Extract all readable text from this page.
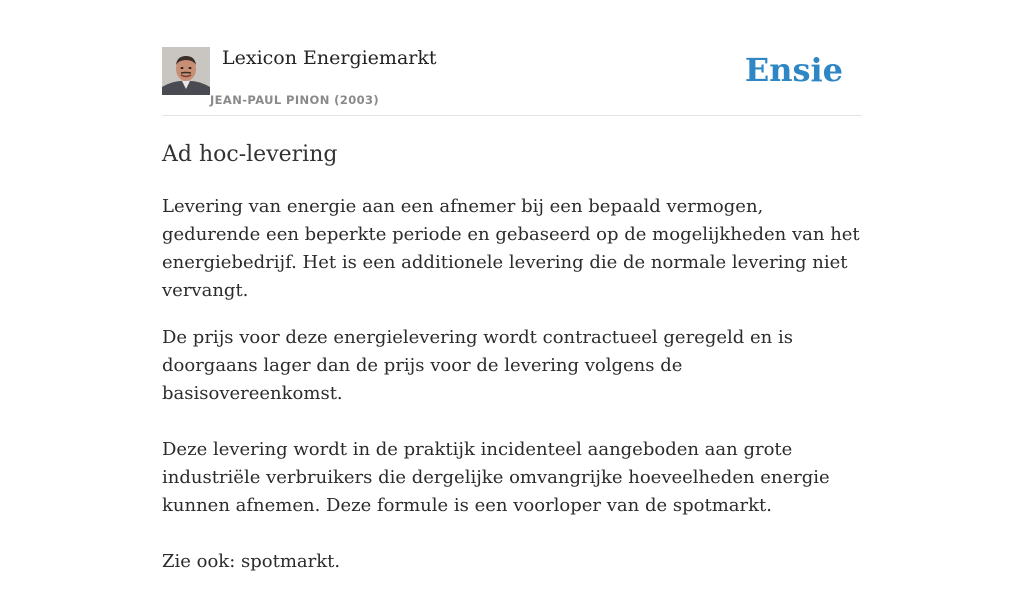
Lexicon Energiemarkt
JEAN-PAUL PINON (2003)
Ensie
Ad hoc-levering

Levering van energie aan een afnemer bij een bepaald vermogen, gedurende een beperkte periode en gebaseerd op de mogelijkheden van het energiebedrijf. Het is een additionele levering die de normale levering niet vervangt.

De prijs voor deze energielevering wordt contractueel geregeld en is doorgaans lager dan de prijs voor de levering volgens de basisovereenkomst.

Deze levering wordt in de praktijk incidenteel aangeboden aan grote industriële verbruikers die dergelijke omvangrijke hoeveelheden energie kunnen afnemen. Deze formule is een voorloper van de spotmarkt.

Zie ook: spotmarkt.
